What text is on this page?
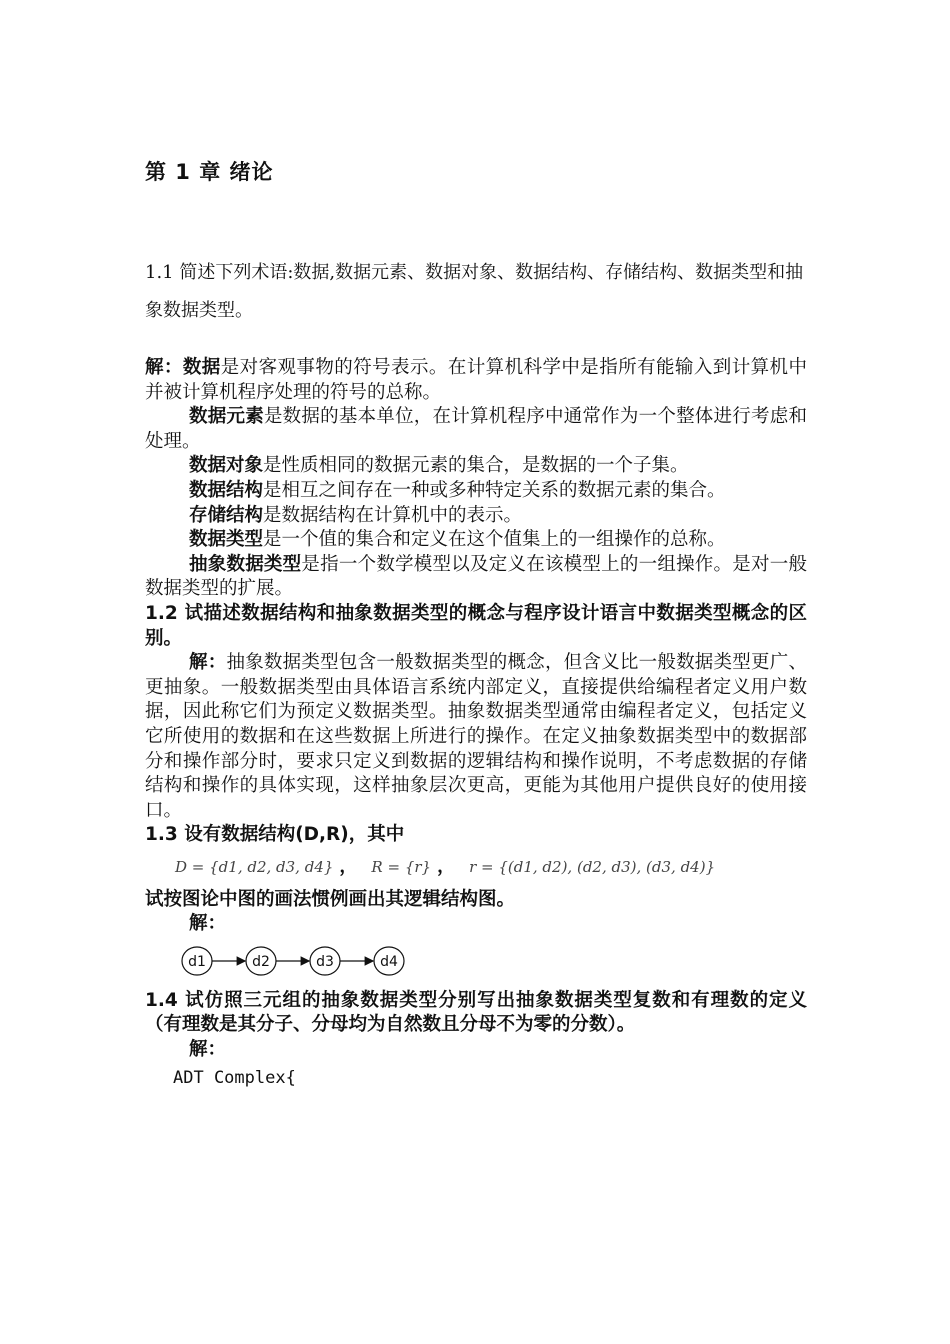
第 1 章 绪论
1.1 简述下列术语:数据,数据元素、数据对象、数据结构、存储结构、数据类型和抽象数据类型。

解：数据是对客观事物的符号表示。在计算机科学中是指所有能输入到计算机中并被计算机程序处理的符号的总称。

数据元素是数据的基本单位，在计算机程序中通常作为一个整体进行考虑和处理。

数据对象是性质相同的数据元素的集合，是数据的一个子集。

数据结构是相互之间存在一种或多种特定关系的数据元素的集合。

存储结构是数据结构在计算机中的表示。

数据类型是一个值的集合和定义在这个值集上的一组操作的总称。

抽象数据类型是指一个数学模型以及定义在该模型上的一组操作。是对一般数据类型的扩展。

1.2 试描述数据结构和抽象数据类型的概念与程序设计语言中数据类型概念的区别。

解：抽象数据类型包含一般数据类型的概念，但含义比一般数据类型更广、更抽象。一般数据类型由具体语言系统内部定义，直接提供给编程者定义用户数据，因此称它们为预定义数据类型。抽象数据类型通常由编程者定义，包括定义它所使用的数据和在这些数据上所进行的操作。在定义抽象数据类型中的数据部分和操作部分时，要求只定义到数据的逻辑结构和操作说明，不考虑数据的存储结构和操作的具体实现，这样抽象层次更高，更能为其他用户提供良好的使用接口。

1.3 设有数据结构(D,R)，其中

D = {d1, d2, d3, d4} ， R = {r} ， r = {(d1, d2), (d2, d3), (d3, d4)}

试按图论中图的画法惯例画出其逻辑结构图。

解：

d1	d2	d3	d4

1.4 试仿照三元组的抽象数据类型分别写出抽象数据类型复数和有理数的定义（有理数是其分子、分母均为自然数且分母不为零的分数）。

解：

ADT Complex{
